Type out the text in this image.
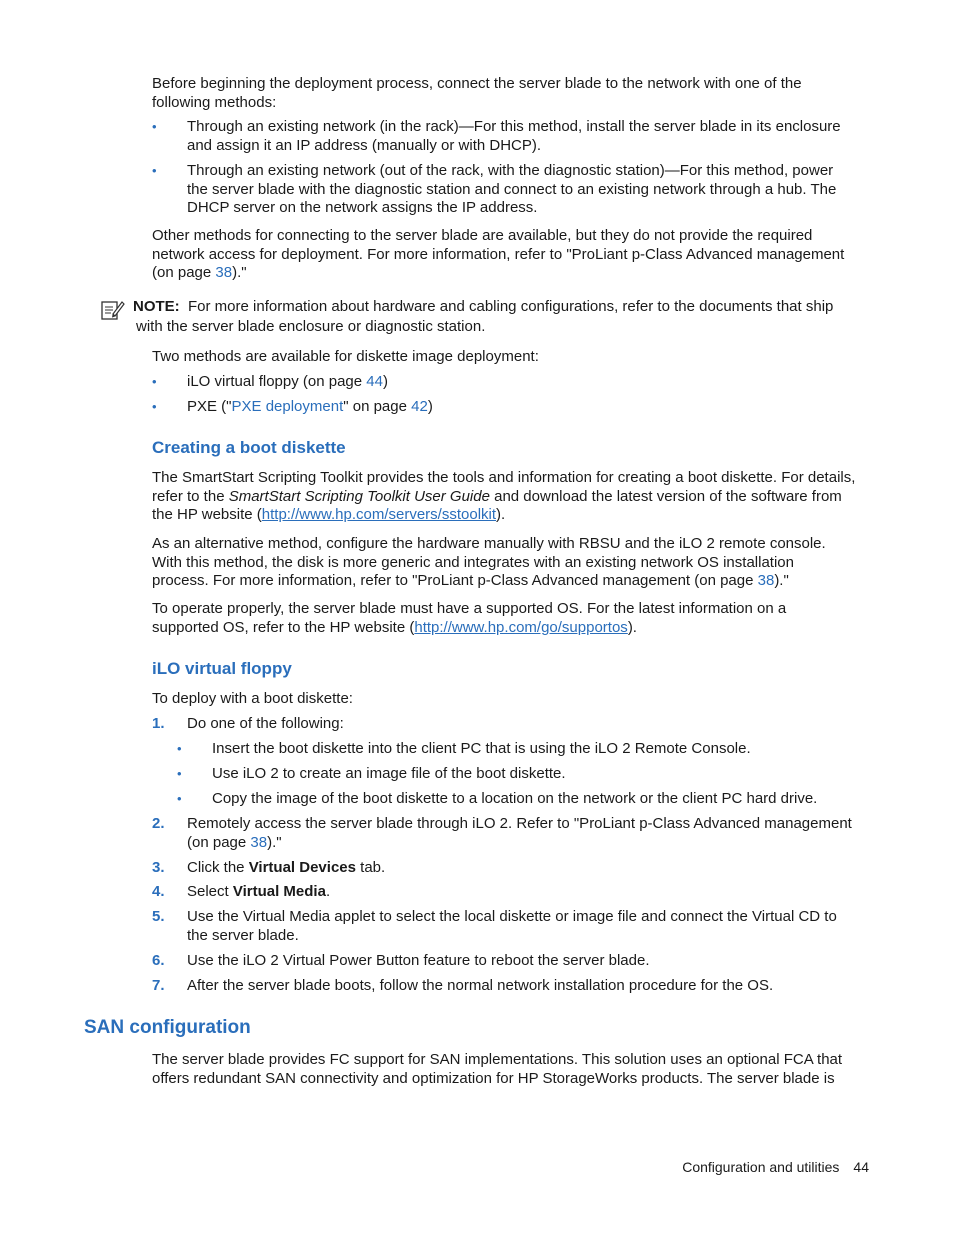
Before beginning the deployment process, connect the server blade to the network with one of the
following methods:
• Through an existing network (in the rack)—For this method, install the server blade in its enclosure
and assign it an IP address (manually or with DHCP).
• Through an existing network (out of the rack, with the diagnostic station)—For this method, power
the server blade with the diagnostic station and connect to an existing network through a hub. The
DHCP server on the network assigns the IP address.
Other methods for connecting to the server blade are available, but they do not provide the required
network access for deployment. For more information, refer to "ProLiant p-Class Advanced management
(on page 38)."
NOTE: For more information about hardware and cabling configurations, refer to the documents that ship
with the server blade enclosure or diagnostic station.
Two methods are available for diskette image deployment:
• iLO virtual floppy (on page 44)
• PXE ("PXE deployment" on page 42)
Creating a boot diskette
The SmartStart Scripting Toolkit provides the tools and information for creating a boot diskette. For details,
refer to the SmartStart Scripting Toolkit User Guide and download the latest version of the software from
the HP website (http://www.hp.com/servers/sstoolkit).
As an alternative method, configure the hardware manually with RBSU and the iLO 2 remote console.
With this method, the disk is more generic and integrates with an existing network OS installation
process. For more information, refer to "ProLiant p-Class Advanced management (on page 38)."
To operate properly, the server blade must have a supported OS. For the latest information on a
supported OS, refer to the HP website (http://www.hp.com/go/supportos).
iLO virtual floppy
To deploy with a boot diskette:
1. Do one of the following:
• Insert the boot diskette into the client PC that is using the iLO 2 Remote Console.
• Use iLO 2 to create an image file of the boot diskette.
• Copy the image of the boot diskette to a location on the network or the client PC hard drive.
2. Remotely access the server blade through iLO 2. Refer to "ProLiant p-Class Advanced management
(on page 38)."
3. Click the Virtual Devices tab.
4. Select Virtual Media.
5. Use the Virtual Media applet to select the local diskette or image file and connect the Virtual CD to
the server blade.
6. Use the iLO 2 Virtual Power Button feature to reboot the server blade.
7. After the server blade boots, follow the normal network installation procedure for the OS.
SAN configuration
The server blade provides FC support for SAN implementations. This solution uses an optional FCA that
offers redundant SAN connectivity and optimization for HP StorageWorks products. The server blade is
Configuration and utilities 44
